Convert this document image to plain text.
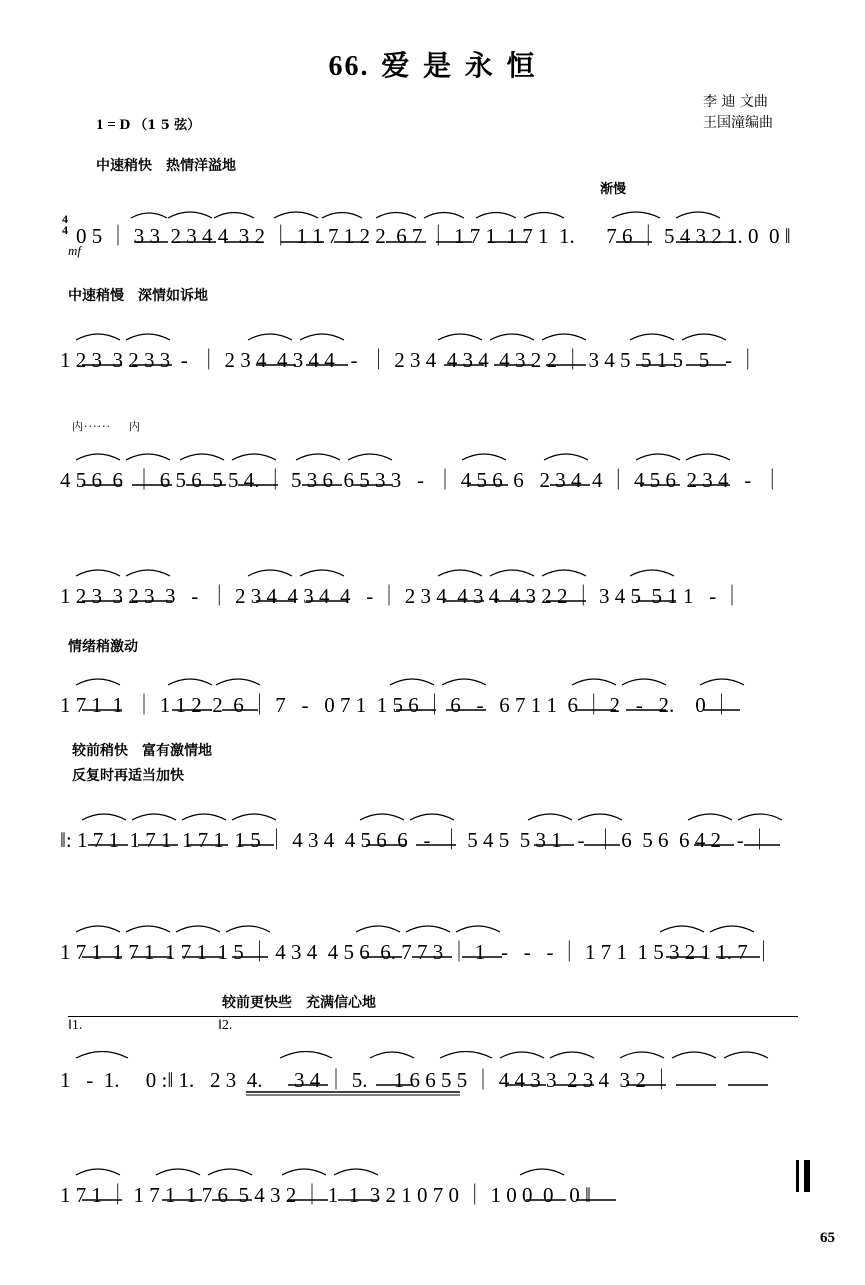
66. 爱 是 永 恒
李 迪 文曲
王国潼编曲
1 = D （1 5 弦）
中速稍快　热情洋溢地
4
4
mf
渐慢
0 5 ｜ 3 3  2 3 4 4  3 2 ｜ 1 1 7 1 2 2  6 7 ｜ 1 7 1  1 7 1  1. 　 7 6 ｜ 5 4 3 2 1. 0  0 ‖
中速稍慢　深情如诉地
1 2 3  3 2 3 3  -  ｜ 2 3 4  4 3 4 4   -  ｜ 2 3 4  4 3 4  4 3 2 2 ｜ 3 4 5  5 1 5   5   - ｜
内······    内
4 5 6  6  ｜ 6 5 6  5 5 4. ｜ 5 3 6  6 5 3 3   -  ｜ 4 5 6  6   2 3 4  4 ｜ 4 5 6  2 3 4   -  ｜
1 2 3  3 2 3  3   -  ｜ 2 3 4  4 3 4  4   - ｜ 2 3 4  4 3 4  4 3 2 2 ｜ 3 4 5  5 1 1   - ｜
情绪稍激动
1 7 1  1  ｜ 1 1 2  2  6 ｜ 7   -   0 7 1  1 5 6 ｜ 6   -   6 7 1 1  6 ｜ 2   -   2.    0 ｜
较前稍快　富有激情地
反复时再适当加快
‖: 1 7 1  1 7 1  1 7 1  1 5 ｜ 4 3 4  4 5 6  6   -  ｜ 5 4 5  5 3 1   -  ｜ 6  5 6  6 4 2   - ｜
1 7 1  1 7 1  1 7 1  1 5 ｜ 4 3 4  4 5 6  6. 7 7 3 ｜ 1   -   -   - ｜ 1 7 1  1 5 3 2 1 1. 7 ｜
较前更快些　充满信心地
‖1.	‖2.
1   -  1.     0 :‖ 1.   2 3  4. 　 3 4 ｜ 5.　 1 6 6 5 5 ｜ 4 4 3 3  2 3 4  3 2 ｜
1 7 1 ｜ 1 7 1  1 7 6  5 4 3 2 ｜ 1  1  3 2 1 0 7 0 ｜ 1 0 0  0   0 ‖
65
